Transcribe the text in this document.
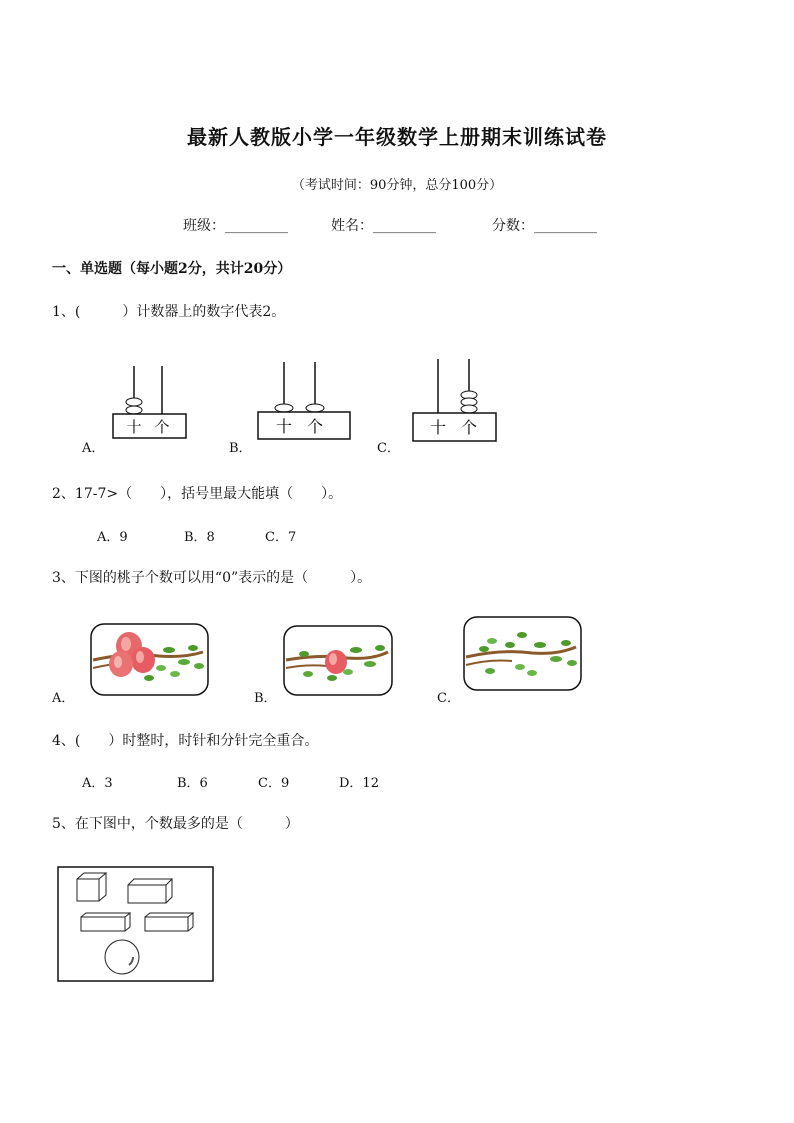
最新人教版小学一年级数学上册期末训练试卷
（考试时间：90分钟，总分100分）
班级：_________	姓名：_________	分数：_________
一、单选题（每小题2分，共计20分）
1、(　　　）计数器上的数字代表2。
A．	B．	C．
十 个	十 个	十 个
2、17-7>（　　），括号里最大能填（　　）。
A．9	B．8	C．7
3、下图的桃子个数可以用“0”表示的是（　　　）。
A．	B．	C．
4、(　　）时整时，时针和分针完全重合。
A．3	B．6	C．9	D．12
5、在下图中，个数最多的是（　　　）
